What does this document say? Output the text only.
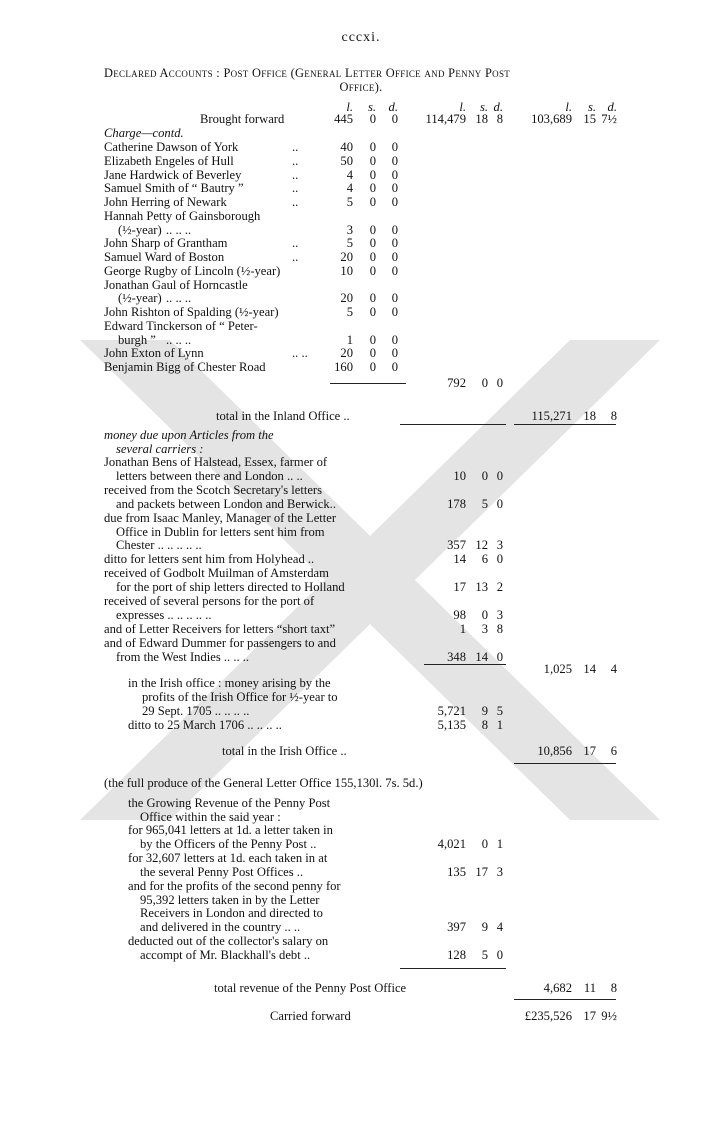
cccxi.
Declared Accounts : Post Office (General Letter Office and Penny Post
Office).
l.	s. d.	l.	s. d.	l.	s. d.
Brought forward	445	0	0	114,479 18 8	103,689 15 7½
Charge—contd.
Catherine Dawson of York	..	40	0	0
Elizabeth Engeles of Hull	..	50	0	0
Jane Hardwick of Beverley	..	4	0	0
Samuel Smith of “ Bautry ”	..	4	0	0
John Herring of Newark	..	5	0	0
Hannah Petty of Gainsborough
(½-year) .. .. ..	3	0	0
John Sharp of Grantham	..	5	0	0
Samuel Ward of Boston	..	20	0	0
George Rugby of Lincoln (½-year)	10	0	0
Jonathan Gaul of Horncastle
(½-year) .. .. ..	20	0	0
John Rishton of Spalding (½-year)	5	0	0
Edward Tinckerson of “ Peter-
burgh ” .. .. ..	1	0	0
John Exton of Lynn	.. ..	20	0	0
Benjamin Bigg of Chester Road	160	0	0
792	0 0
total in the Inland Office ..	115,271 18	8
money due upon Articles from the
several carriers :
Jonathan Bens of Halstead, Essex, farmer of
letters between there and London .. ..	10	0 0
received from the Scotch Secretary's letters
and packets between London and Berwick..	178	5 0
due from Isaac Manley, Manager of the Letter
Office in Dublin for letters sent him from
Chester .. .. .. .. ..	357 12 3
ditto for letters sent him from Holyhead ..	14	6 0
received of Godbolt Muilman of Amsterdam
for the port of ship letters directed to Holland	17 13 2
received of several persons for the port of
expresses .. .. .. .. ..	98	0 3
and of Letter Receivers for letters “short taxt”	1	3 8
and of Edward Dummer for passengers to and
from the West Indies .. .. ..	348 14 0
1,025 14	4
in the Irish office : money arising by the
profits of the Irish Office for ½-year to
29 Sept. 1705 .. .. .. ..	5,721	9 5
ditto to 25 March 1706 .. .. .. ..	5,135	8 1
total in the Irish Office ..	10,856 17	6
(the full produce of the General Letter Office 155,130l. 7s. 5d.)
the Growing Revenue of the Penny Post
Office within the said year :
for 965,041 letters at 1d. a letter taken in
by the Officers of the Penny Post ..	4,021	0 1
for 32,607 letters at 1d. each taken in at
the several Penny Post Offices ..	135 17 3
and for the profits of the second penny for
95,392 letters taken in by the Letter
Receivers in London and directed to
and delivered in the country .. ..	397	9 4
deducted out of the collector's salary on
accompt of Mr. Blackhall's debt ..	128	5 0
total revenue of the Penny Post Office	4,682 11	8
Carried forward	£235,526 17 9½
